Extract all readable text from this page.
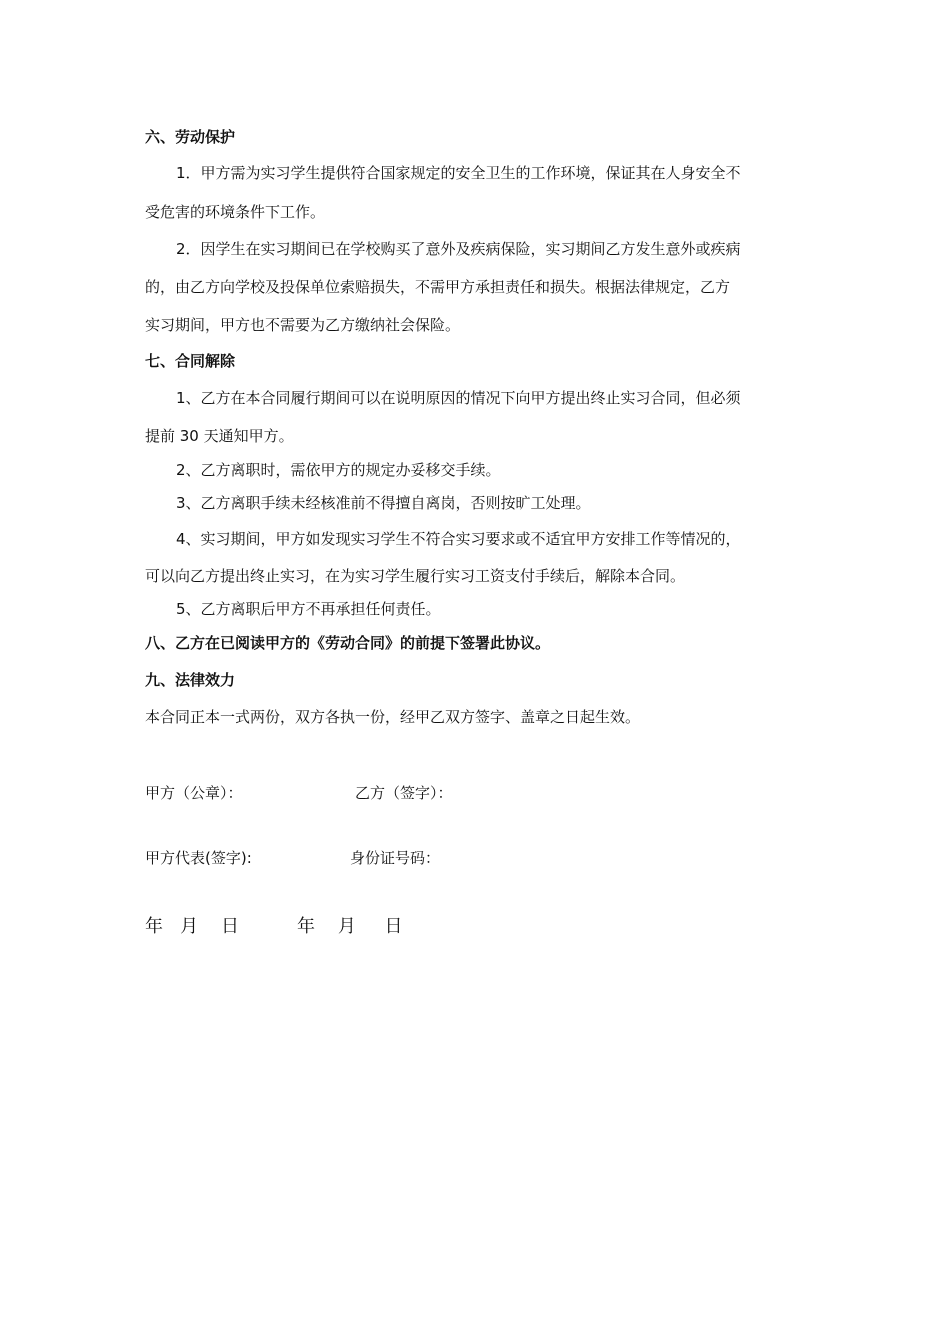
六、劳动保护
1．甲方需为实习学生提供符合国家规定的安全卫生的工作环境，保证其在人身安全不
受危害的环境条件下工作。
2．因学生在实习期间已在学校购买了意外及疾病保险，实习期间乙方发生意外或疾病
的，由乙方向学校及投保单位索赔损失，不需甲方承担责任和损失。根据法律规定，乙方
实习期间，甲方也不需要为乙方缴纳社会保险。
七、合同解除
1、乙方在本合同履行期间可以在说明原因的情况下向甲方提出终止实习合同，但必须
提前 30 天通知甲方。
2、乙方离职时，需依甲方的规定办妥移交手续。
3、乙方离职手续未经核准前不得擅自离岗，否则按旷工处理。
4、实习期间，甲方如发现实习学生不符合实习要求或不适宜甲方安排工作等情况的，
可以向乙方提出终止实习，在为实习学生履行实习工资支付手续后，解除本合同。
5、乙方离职后甲方不再承担任何责任。
八、乙方在已阅读甲方的《劳动合同》的前提下签署此协议。
九、法律效力
本合同正本一式两份，双方各执一份，经甲乙双方签字、盖章之日起生效。
甲方（公章）：	乙方（签字）：
甲方代表(签字):	身份证号码：
年   月    日	年    月     日
